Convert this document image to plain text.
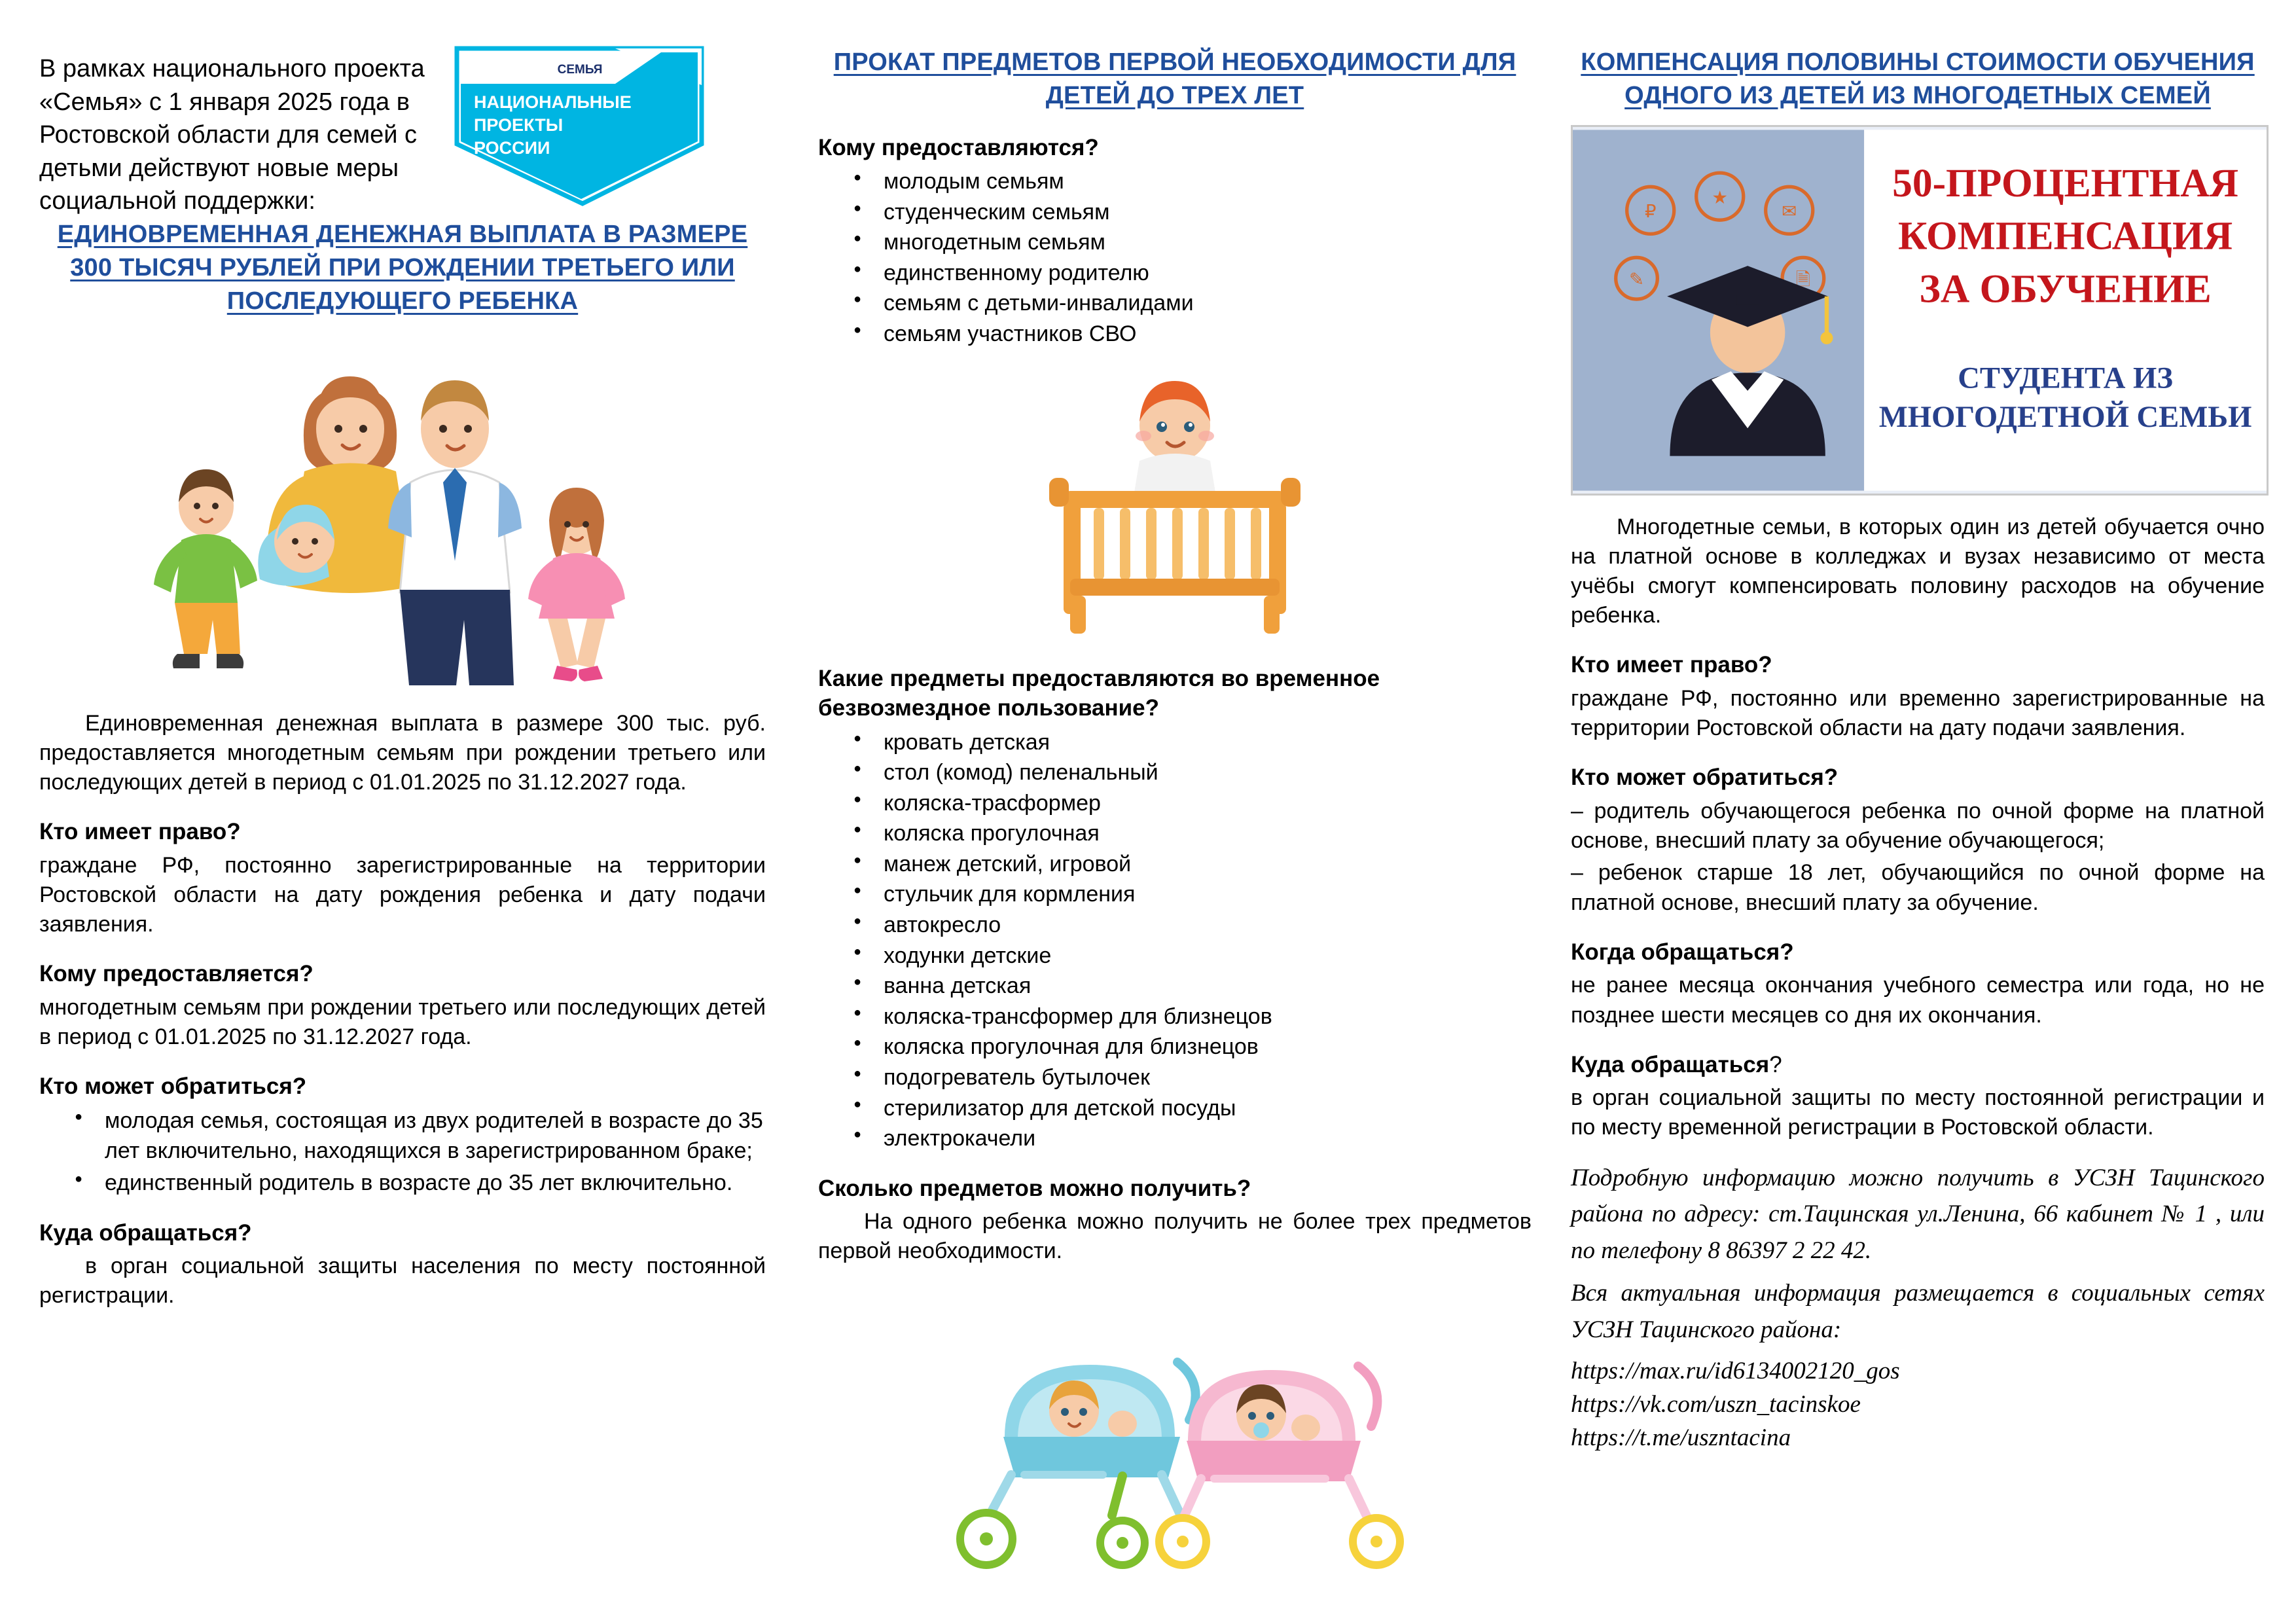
В рамках национального проекта «Семья» с 1 января 2025 года в Ростовской области для семей с детьми действуют новые меры социальной поддержки:
СЕМЬЯ
НАЦИОНАЛЬНЫЕ
ПРОЕКТЫ
РОССИИ
ЕДИНОВРЕМЕННАЯ ДЕНЕЖНАЯ ВЫПЛАТА В РАЗМЕРЕ 300 ТЫСЯЧ РУБЛЕЙ ПРИ РОЖДЕНИИ ТРЕТЬЕГО ИЛИ ПОСЛЕДУЮЩЕГО РЕБЕНКА

Единовременная денежная выплата в размере 300 тыс. руб. предоставляется многодетным семьям при рождении третьего или последующих детей в период с 01.01.2025 по 31.12.2027 года.

Кто имеет право?

граждане РФ, постоянно зарегистрированные на территории Ростовской области на дату рождения ребенка и дату подачи заявления.

Кому предоставляется?

многодетным семьям при рождении третьего или последующих детей в период с 01.01.2025 по 31.12.2027 года.

Кто может обратиться?
● молодая семья, состоящая из двух родителей в возрасте до 35 лет включительно, находящихся в зарегистрированном браке;
● единственный родитель в возрасте до 35 лет включительно.
Куда обращаться?

в орган социальной защиты населения по месту постоянной регистрации.

ПРОКАТ ПРЕДМЕТОВ ПЕРВОЙ НЕОБХОДИМОСТИ ДЛЯ ДЕТЕЙ ДО ТРЕХ ЛЕТ
Кому предоставляются?
● молодым семьям
● студенческим семьям
● многодетным семьям
● единственному родителю
● семьям с детьми-инвалидами
● семьям участников СВО
Какие предметы предоставляются во временное безвозмездное пользование?
● кровать детская
● стол (комод) пеленальный
● коляска-трасформер
● коляска прогулочная
● манеж детский, игровой
● стульчик для кормления
● автокресло
● ходунки детские
● ванна детская
● коляска-трансформер для близнецов
● коляска прогулочная для близнецов
● подогреватель бутылочек
● стерилизатор для детской посуды
● электрокачели
Сколько предметов можно получить?

На одного ребенка можно получить не более трех предметов первой необходимости.

КОМПЕНСАЦИЯ ПОЛОВИНЫ СТОИМОСТИ ОБУЧЕНИЯ ОДНОГО ИЗ ДЕТЕЙ ИЗ МНОГОДЕТНЫХ СЕМЕЙ
₽
★
✉
✎	🗎
50-ПРОЦЕНТНАЯ
КОМПЕНСАЦИЯ
ЗА ОБУЧЕНИЕ
СТУДЕНТА ИЗ
МНОГОДЕТНОЙ СЕМЬИ

Многодетные семьи, в которых один из детей обучается очно на платной основе в колледжах и вузах независимо от места учёбы смогут компенсировать половину расходов на обучение ребенка.

Кто имеет право?

граждане РФ, постоянно или временно зарегистрированные на территории Ростовской области на дату подачи заявления.

Кто может обратиться?

– родитель обучающегося ребенка по очной форме на платной основе, внесший плату за обучение обучающегося;

– ребенок старше 18 лет, обучающийся по очной форме на платной основе, внесший плату за обучение.

Когда обращаться?

не ранее месяца окончания учебного семестра или года, но не позднее шести месяцев со дня их окончания.

Куда обращаться?

в орган социальной защиты по месту постоянной регистрации и по месту временной регистрации в Ростовской области.

Подробную информацию можно получить в УСЗН Тацинского района по адресу: ст.Тацинская ул.Ленина, 66 кабинет № 1 , или по телефону 8 86397 2 22 42.

Вся актуальная информация размещается в социальных сетях УСЗН Тацинского района:

https://max.ru/id6134002120_gos
https://vk.com/uszn_tacinskoe
https://t.me/uszntacina
